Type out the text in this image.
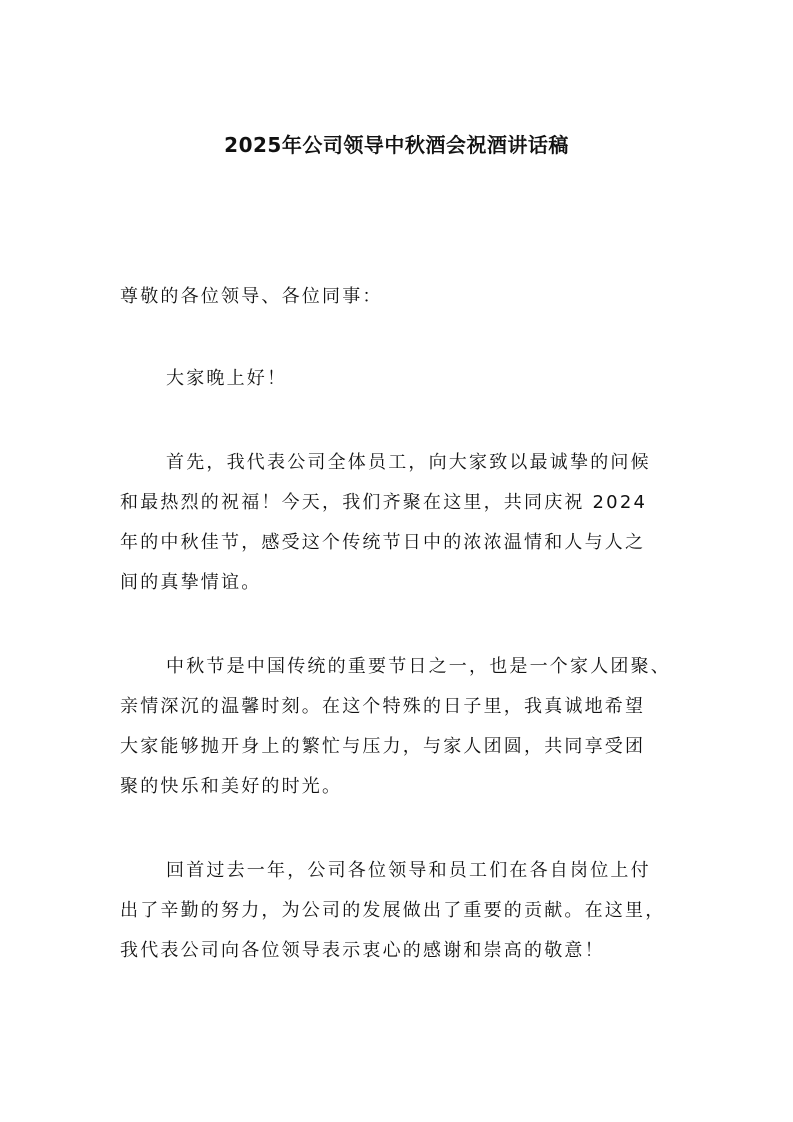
2025年公司领导中秋酒会祝酒讲话稿
尊敬的各位领导、各位同事：
大家晚上好！
首先，我代表公司全体员工，向大家致以最诚挚的问候
和最热烈的祝福！今天，我们齐聚在这里，共同庆祝 2024
年的中秋佳节，感受这个传统节日中的浓浓温情和人与人之
间的真挚情谊。
中秋节是中国传统的重要节日之一，也是一个家人团聚、
亲情深沉的温馨时刻。在这个特殊的日子里，我真诚地希望
大家能够抛开身上的繁忙与压力，与家人团圆，共同享受团
聚的快乐和美好的时光。
回首过去一年，公司各位领导和员工们在各自岗位上付
出了辛勤的努力，为公司的发展做出了重要的贡献。在这里，
我代表公司向各位领导表示衷心的感谢和崇高的敬意！
